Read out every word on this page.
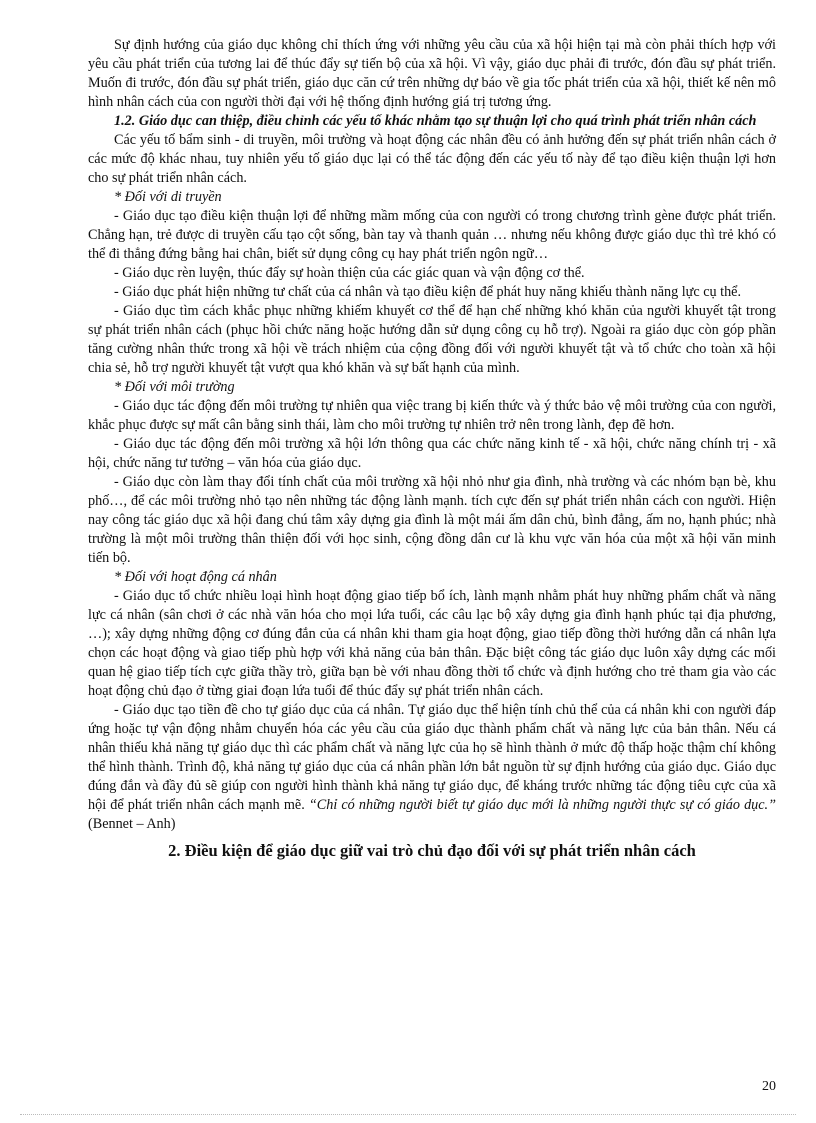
Sự định hướng của giáo dục không chỉ thích ứng với những yêu cầu của xã hội hiện tại mà còn phải thích hợp với yêu cầu phát triển của tương lai để thúc đẩy sự tiến bộ của xã hội. Vì vậy, giáo dục phải đi trước, đón đầu sự phát triển. Muốn đi trước, đón đầu sự phát triển, giáo dục căn cứ trên những dự báo về gia tốc phát triển của xã hội, thiết kế nên mô hình nhân cách của con người thời đại với hệ thống định hướng giá trị tương ứng.

1.2. Giáo dục can thiệp, điều chỉnh các yếu tố khác nhằm tạo sự thuận lợi cho quá trình phát triển nhân cách

Các yếu tố bẩm sinh - di truyền, môi trường và hoạt động các nhân đều có ảnh hưởng đến sự phát triển nhân cách ở các mức độ khác nhau, tuy nhiên yếu tố giáo dục lại có thể tác động đến các yếu tố này để tạo điều kiện thuận lợi hơn cho sự phát triển nhân cách.

* Đối với di truyền

- Giáo dục tạo điều kiện thuận lợi để những mầm mống của con người có trong chương trình gène được phát triển. Chẳng hạn, trẻ được di truyền cấu tạo cột sống, bàn tay và thanh quản … nhưng nếu không được giáo dục thì trẻ khó có thể đi thẳng đứng bằng hai chân, biết sử dụng công cụ hay phát triển ngôn ngữ…

- Giáo dục rèn luyện, thúc đẩy sự hoàn thiện của các giác quan và vận động cơ thể.

- Giáo dục phát hiện những tư chất của cá nhân và tạo điều kiện để phát huy năng khiếu thành năng lực cụ thể.

- Giáo dục tìm cách khắc phục những khiếm khuyết cơ thể để hạn chế những khó khăn của người khuyết tật trong sự phát triển nhân cách (phục hồi chức năng hoặc hướng dẫn sử dụng công cụ hỗ trợ). Ngoài ra giáo dục còn góp phần tăng cường nhân thức trong xã hội về trách nhiệm của cộng đồng đối với người khuyết tật và tổ chức cho toàn xã hội chia sẻ, hỗ trợ người khuyết tật vượt qua khó khăn và sự bất hạnh của mình.

* Đối với môi trường

- Giáo dục tác động đến môi trường tự nhiên qua việc trang bị kiến thức và ý thức bảo vệ môi trường của con người, khắc phục được sự mất cân bằng sinh thái, làm cho môi trường tự nhiên trở nên trong lành, đẹp đẽ hơn.

- Giáo dục tác động đến môi trường xã hội lớn thông qua các chức năng kinh tế - xã hội, chức năng chính trị - xã hội, chức năng tư tưởng – văn hóa của giáo dục.

- Giáo dục còn làm thay đổi tính chất của môi trường xã hội nhỏ như gia đình, nhà trường và các nhóm bạn bè, khu phố…, để các môi trường nhỏ tạo nên những tác động lành mạnh. tích cực đến sự phát triển nhân cách con người. Hiện nay công tác giáo dục xã hội đang chú tâm xây dựng gia đình là một mái ấm dân chủ, bình đẳng, ấm no, hạnh phúc; nhà trường là một môi trường thân thiện đối với học sinh, cộng đồng dân cư là khu vực văn hóa của một xã hội văn minh tiến bộ.

* Đối với hoạt động cá nhân

- Giáo dục tổ chức nhiều loại hình hoạt động giao tiếp bổ ích, lành mạnh nhằm phát huy những phẩm chất và năng lực cá nhân (sân chơi ở các nhà văn hóa cho mọi lứa tuổi, các câu lạc bộ xây dựng gia đình hạnh phúc tại địa phương, …); xây dựng những động cơ đúng đắn của cá nhân khi tham gia hoạt động, giao tiếp đồng thời hướng dẫn cá nhân lựa chọn các hoạt động và giao tiếp phù hợp với khả năng của bản thân. Đặc biệt công tác giáo dục luôn xây dựng các mối quan hệ giao tiếp tích cực giữa thầy trò, giữa bạn bè với nhau đồng thời tổ chức và định hướng cho trẻ tham gia vào các hoạt động chủ đạo ở từng giai đoạn lứa tuổi để thúc đẩy sự phát triển nhân cách.

- Giáo dục tạo tiền đề cho tự giáo dục của cá nhân. Tự giáo dục thể hiện tính chủ thể của cá nhân khi con người đáp ứng hoặc tự vận động nhằm chuyển hóa các yêu cầu của giáo dục thành phẩm chất và năng lực của bản thân. Nếu cá nhân thiếu khả năng tự giáo dục thì các phẩm chất và năng lực của họ sẽ hình thành ở mức độ thấp hoặc thậm chí không thể hình thành. Trình độ, khả năng tự giáo dục của cá nhân phần lớn bắt nguồn từ sự định hướng của giáo dục. Giáo dục đúng đắn và đầy đủ sẽ giúp con người hình thành khả năng tự giáo dục, để kháng trước những tác động tiêu cực của xã hội để phát triển nhân cách mạnh mẽ. “Chỉ có những người biết tự giáo dục mới là những người thực sự có giáo dục.” (Bennet – Anh)

2. Điều kiện để giáo dục giữ vai trò chủ đạo đối với sự phát triển nhân cách

20
